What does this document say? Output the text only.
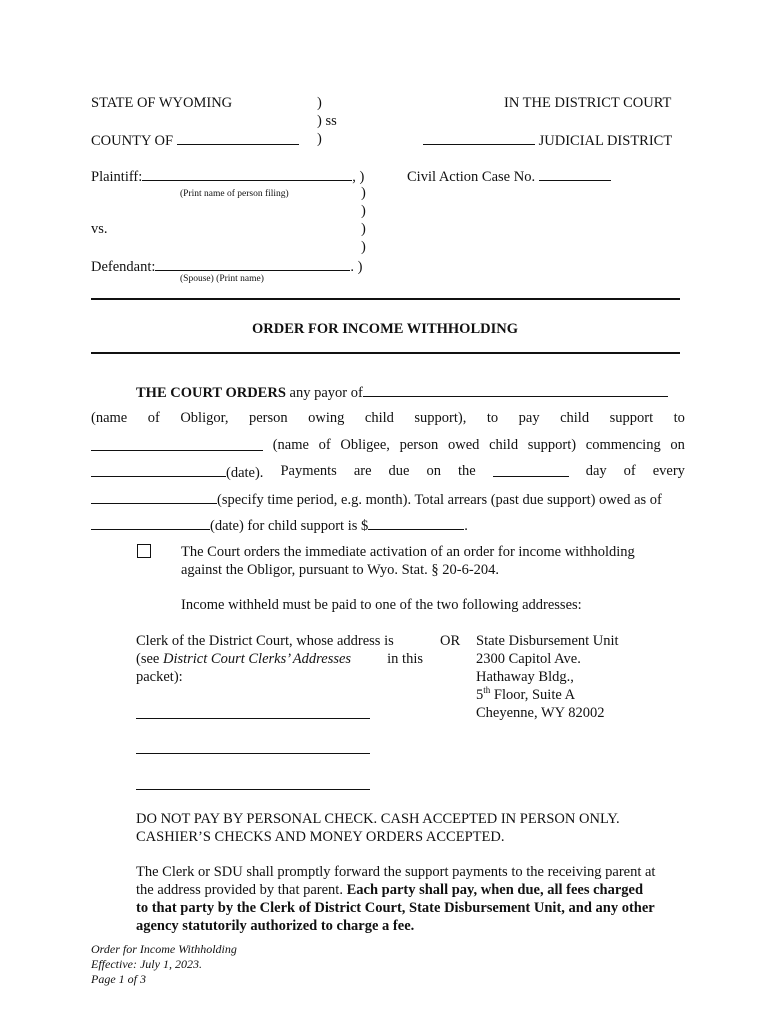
STATE OF WYOMING	)
) ss
)
COUNTY OF
IN THE DISTRICT COURT
JUDICIAL DISTRICT
Plaintiff:	, )
(Print name of person filing)
Civil Action Case No.
)
)
)
)
vs.
Defendant:	. )
(Spouse) (Print name)
ORDER FOR INCOME WITHHOLDING
THE COURT ORDERS any payor of
(name of Obligor, person owing child support), to pay child support to
(name of Obligee, person owed child support) commencing on
(date). Payments are due on the	day of every
(specify time period, e.g. month). Total arrears (past due support) owed as of
(date) for child support is $	.
The Court orders the immediate activation of an order for income withholding
against the Obligor, pursuant to Wyo. Stat. § 20-6-204.
Income withheld must be paid to one of the two following addresses:
Clerk of the District Court, whose address is
(see District Court Clerks’ Addresses in this
packet):
OR State Disbursement Unit
2300 Capitol Ave.
Hathaway Bldg.,
5th Floor, Suite A
Cheyenne, WY 82002
DO NOT PAY BY PERSONAL CHECK. CASH ACCEPTED IN PERSON ONLY.
CASHIER’S CHECKS AND MONEY ORDERS ACCEPTED.
The Clerk or SDU shall promptly forward the support payments to the receiving parent at
the address provided by that parent. Each party shall pay, when due, all fees charged
to that party by the Clerk of District Court, State Disbursement Unit, and any other
agency statutorily authorized to charge a fee.
Order for Income Withholding
Effective: July 1, 2023.
Page 1 of 3
